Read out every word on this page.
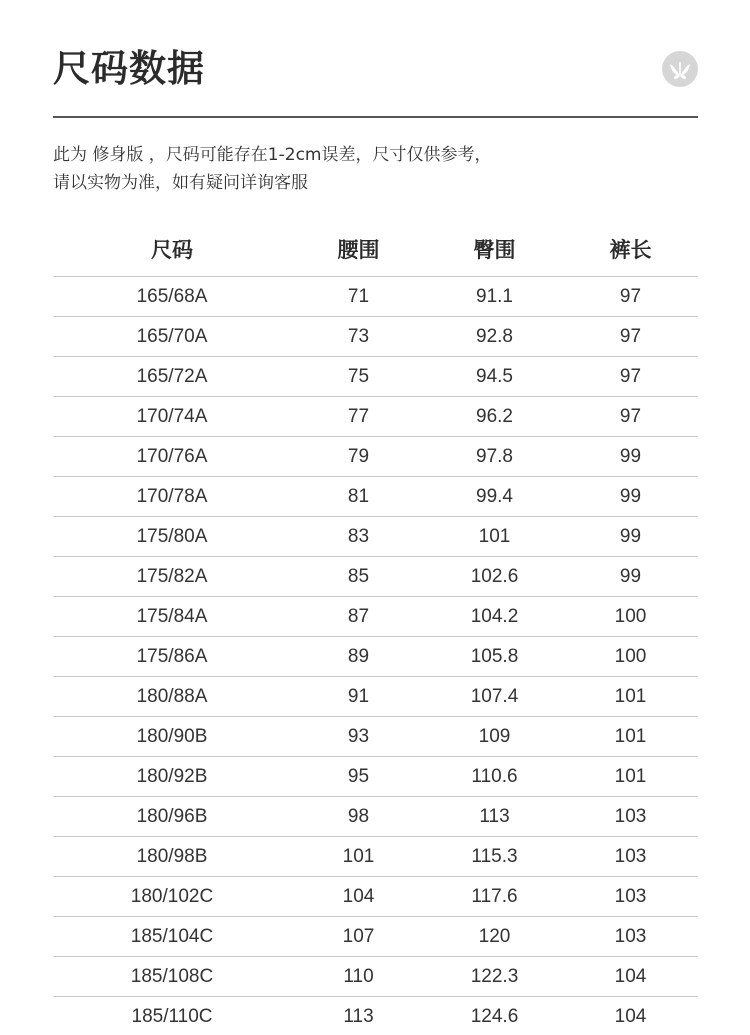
尺码数据
此为 修身版 ，尺码可能存在1-2cm误差，尺寸仅供参考，
请以实物为准，如有疑问详询客服
尺码	腰围	臀围	裤长
165/68A	71	91.1	97
165/70A	73	92.8	97
165/72A	75	94.5	97
170/74A	77	96.2	97
170/76A	79	97.8	99
170/78A	81	99.4	99
175/80A	83	101	99
175/82A	85	102.6	99
175/84A	87	104.2	100
175/86A	89	105.8	100
180/88A	91	107.4	101
180/90B	93	109	101
180/92B	95	110.6	101
180/96B	98	113	103
180/98B	101	115.3	103
180/102C	104	117.6	103
185/104C	107	120	103
185/108C	110	122.3	104
185/110C	113	124.6	104
